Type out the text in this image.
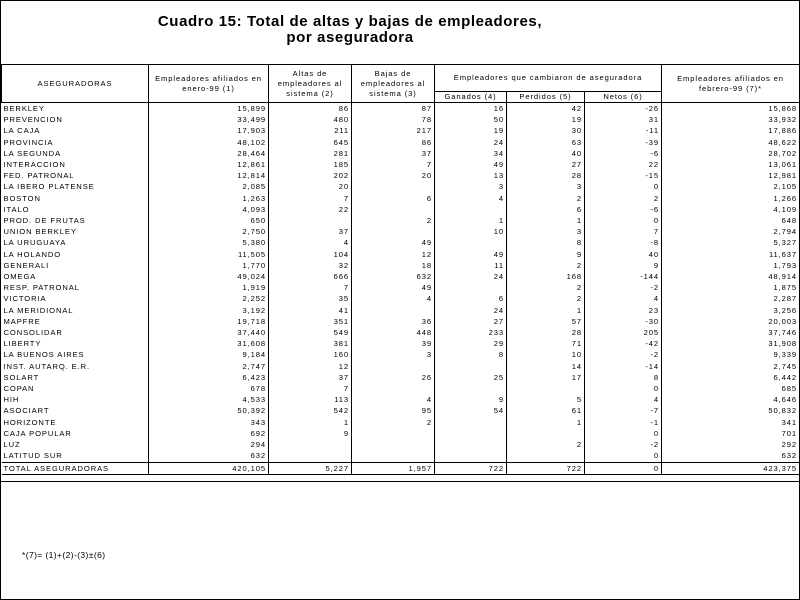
Cuadro 15: Total de altas y bajas de empleadores,
por aseguradora
ASEGURADORAS	Empleadores afiliados en enero-99 (1)	Altas de empleadores al sistema (2)	Bajas de empleadores al sistema (3)	Empleadores que cambiaron de aseguradora			Empleadores afiliados en febrero-99 (7)*
				Ganados (4)	Perdidos (5)	Netos (6)	
BERKLEY	15,899	86	87	16	42	-26	15,868
PREVENCION	33,499	480	78	50	19	31	33,932
LA CAJA	17,903	211	217	19	30	-11	17,886
PROVINCIA	48,102	645	86	24	63	-39	48,622
LA SEGUNDA	28,464	281	37	34	40	-6	28,702
INTERACCION	12,861	185	7	49	27	22	13,061
FED. PATRONAL	12,814	202	20	13	28	-15	12,981
LA IBERO PLATENSE	2,085	20		3	3	0	2,105
BOSTON	1,263	7	6	4	2	2	1,266
ITALO	4,093	22			6	-6	4,109
PROD. DE FRUTAS	650		2	1	1	0	648
UNION BERKLEY	2,750	37		10	3	7	2,794
LA URUGUAYA	5,380	4	49		8	-8	5,327
LA HOLANDO	11,505	104	12	49	9	40	11,637
GENERALI	1,770	32	18	11	2	9	1,793
OMEGA	49,024	666	632	24	168	-144	48,914
RESP. PATRONAL	1,919	7	49		2	-2	1,875
VICTORIA	2,252	35	4	6	2	4	2,287
LA MERIDIONAL	3,192	41		24	1	23	3,256
MAPFRE	19,718	351	36	27	57	-30	20,003
CONSOLIDAR	37,440	549	448	233	28	205	37,746
LIBERTY	31,608	381	39	29	71	-42	31,908
LA BUENOS AIRES	9,184	160	3	8	10	-2	9,339
INST. AUTARQ. E.R.	2,747	12			14	-14	2,745
SOLART	6,423	37	26	25	17	8	6,442
COPAN	678	7				0	685
HIH	4,533	113	4	9	5	4	4,646
ASOCIART	50,392	542	95	54	61	-7	50,832
HORIZONTE	343	1	2		1	-1	341
CAJA POPULAR	692	9				0	701
LUZ	294				2	-2	292
LATITUD SUR	632					0	632
TOTAL ASEGURADORAS	420,105	5,227	1,957	722	722	0	423,375
*(7)= (1)+(2)-(3)±(6)
